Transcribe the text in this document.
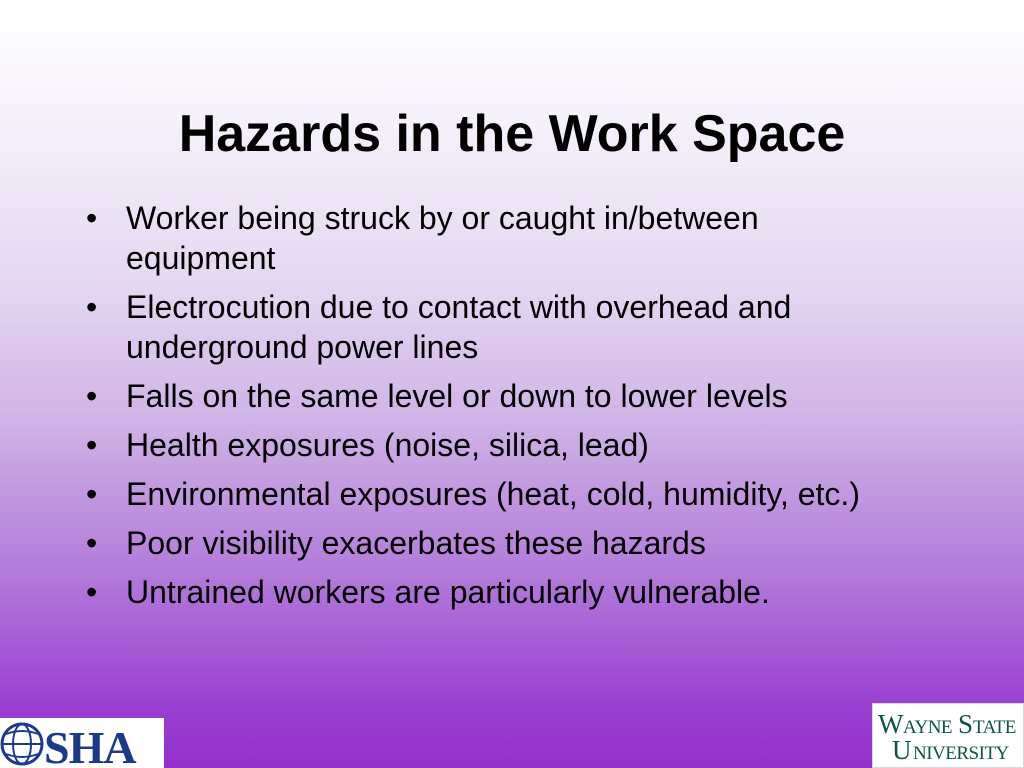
Hazards in the Work Space
• Worker being struck by or caught in/between equipment
• Electrocution due to contact with overhead and underground power lines
• Falls on the same level or down to lower levels
• Health exposures (noise, silica, lead)
• Environmental exposures (heat, cold, humidity, etc.)
• Poor visibility exacerbates these hazards
• Untrained workers are particularly vulnerable.
SHA	W AYNE S TATE
U NIVERSITY
